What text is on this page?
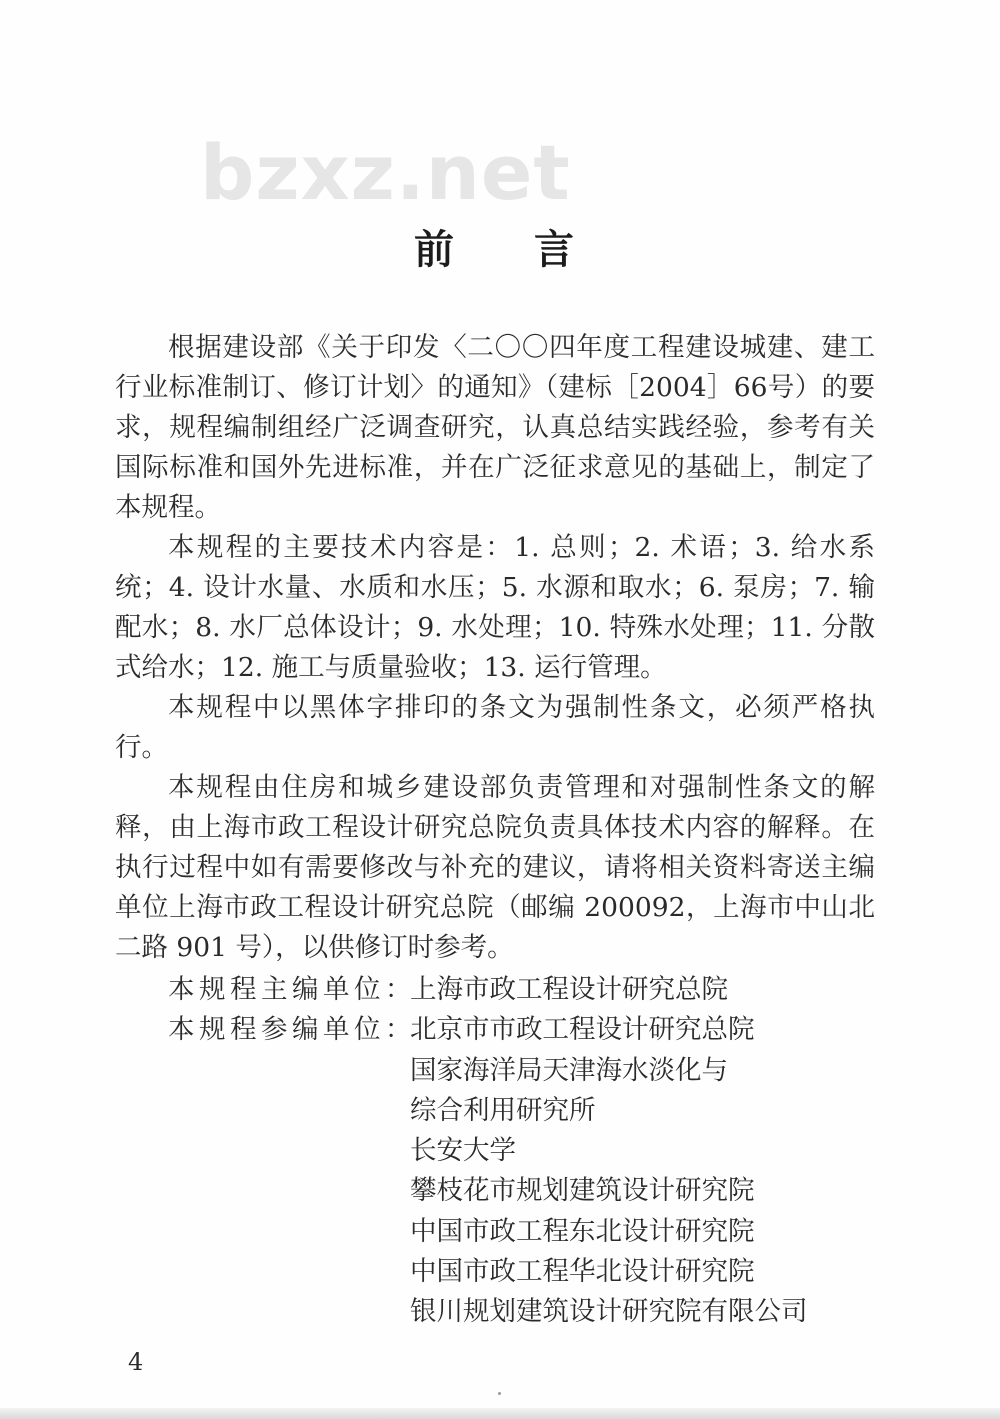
bzxz.net
前言

根据建设部《关于印发〈二〇〇四年度工程建设城建、建工行业标准制订、修订计划〉的通知》（建标［2004］66号）的要求，规程编制组经广泛调查研究，认真总结实践经验，参考有关国际标准和国外先进标准，并在广泛征求意见的基础上，制定了本规程。

本规程的主要技术内容是：1. 总则；2. 术语；3. 给水系统；4. 设计水量、水质和水压；5. 水源和取水；6. 泵房；7. 输配水；8. 水厂总体设计；9. 水处理；10. 特殊水处理；11. 分散式给水；12. 施工与质量验收；13. 运行管理。

本规程中以黑体字排印的条文为强制性条文，必须严格执行。

本规程由住房和城乡建设部负责管理和对强制性条文的解释，由上海市政工程设计研究总院负责具体技术内容的解释。在执行过程中如有需要修改与补充的建议，请将相关资料寄送主编单位上海市政工程设计研究总院（邮编 200092，上海市中山北二路 901 号），以供修订时参考。

本规程主编单位：
上海市政工程设计研究总院
本规程参编单位：
北京市市政工程设计研究总院
国家海洋局天津海水淡化与
综合利用研究所
长安大学
攀枝花市规划建筑设计研究院
中国市政工程东北设计研究院
中国市政工程华北设计研究院
银川规划建筑设计研究院有限公司
4
